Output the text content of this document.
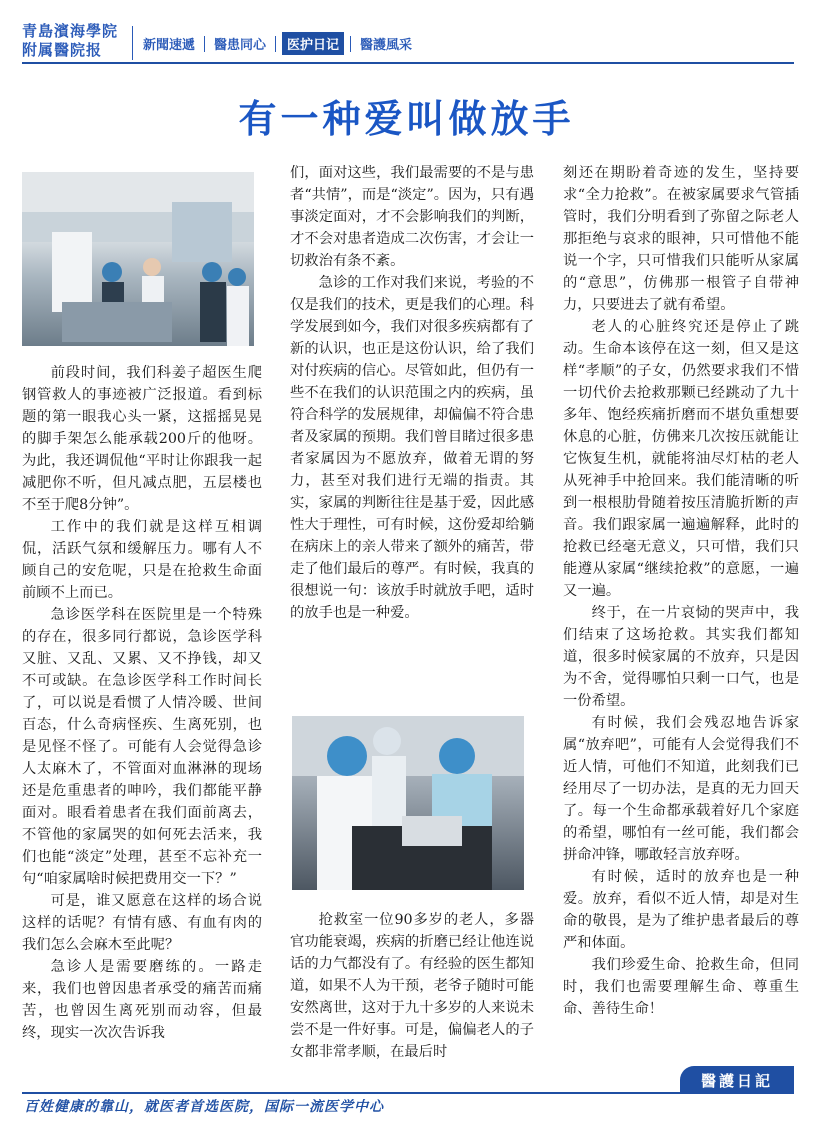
青島濱海學院
附属醫院报	新聞速遞 醫患同心	医护日记	醫護風采
有一种爱叫做放手

前段时间，我们科姜子超医生爬钢管救人的事迹被广泛报道。看到标题的第一眼我心头一紧，这摇摇晃晃的脚手架怎么能承载200斤的他呀。为此，我还调侃他“平时让你跟我一起减肥你不听，但凡减点肥，五层楼也不至于爬8分钟”。

工作中的我们就是这样互相调侃，活跃气氛和缓解压力。哪有人不顾自己的安危呢，只是在抢救生命面前顾不上而已。

急诊医学科在医院里是一个特殊的存在，很多同行都说，急诊医学科又脏、又乱、又累、又不挣钱，却又不可或缺。在急诊医学科工作时间长了，可以说是看惯了人情冷暖、世间百态，什么奇病怪疾、生离死别，也是见怪不怪了。可能有人会觉得急诊人太麻木了，不管面对血淋淋的现场还是危重患者的呻吟，我们都能平静面对。眼看着患者在我们面前离去，不管他的家属哭的如何死去活来，我们也能“淡定”处理，甚至不忘补充一句“咱家属啥时候把费用交一下？”

可是，谁又愿意在这样的场合说这样的话呢？有情有感、有血有肉的我们怎么会麻木至此呢？

急诊人是需要磨练的。一路走来，我们也曾因患者承受的痛苦而痛苦，也曾因生离死别而动容，但最终，现实一次次告诉我

们，面对这些，我们最需要的不是与患者“共情”，而是“淡定”。因为，只有遇事淡定面对，才不会影响我们的判断，才不会对患者造成二次伤害，才会让一切救治有条不紊。

急诊的工作对我们来说，考验的不仅是我们的技术，更是我们的心理。科学发展到如今，我们对很多疾病都有了新的认识，也正是这份认识，给了我们对付疾病的信心。尽管如此，但仍有一些不在我们的认识范围之内的疾病，虽符合科学的发展规律，却偏偏不符合患者及家属的预期。我们曾目睹过很多患者家属因为不愿放弃，做着无谓的努力，甚至对我们进行无端的指责。其实，家属的判断往往是基于爱，因此感性大于理性，可有时候，这份爱却给躺在病床上的亲人带来了额外的痛苦，带走了他们最后的尊严。有时候，我真的很想说一句：该放手时就放手吧，适时的放手也是一种爱。

抢救室一位90多岁的老人，多器官功能衰竭，疾病的折磨已经让他连说话的力气都没有了。有经验的医生都知道，如果不人为干预，老爷子随时可能安然离世，这对于九十多岁的人来说未尝不是一件好事。可是，偏偏老人的子女都非常孝顺，在最后时

刻还在期盼着奇迹的发生，坚持要求“全力抢救”。在被家属要求气管插管时，我们分明看到了弥留之际老人那拒绝与哀求的眼神，只可惜他不能说一个字，只可惜我们只能听从家属的“意思”，仿佛那一根管子自带神力，只要进去了就有希望。

老人的心脏终究还是停止了跳动。生命本该停在这一刻，但又是这样“孝顺”的子女，仍然要求我们不惜一切代价去抢救那颗已经跳动了九十多年、饱经疾痛折磨而不堪负重想要休息的心脏，仿佛来几次按压就能让它恢复生机，就能将油尽灯枯的老人从死神手中抢回来。我们能清晰的听到一根根肋骨随着按压清脆折断的声音。我们跟家属一遍遍解释，此时的抢救已经毫无意义，只可惜，我们只能遵从家属“继续抢救”的意愿，一遍又一遍。

终于，在一片哀恸的哭声中，我们结束了这场抢救。其实我们都知道，很多时候家属的不放弃，只是因为不舍，觉得哪怕只剩一口气，也是一份希望。

有时候，我们会残忍地告诉家属“放弃吧”，可能有人会觉得我们不近人情，可他们不知道，此刻我们已经用尽了一切办法，是真的无力回天了。每一个生命都承载着好几个家庭的希望，哪怕有一丝可能，我们都会拼命冲锋，哪敢轻言放弃呀。

有时候，适时的放弃也是一种爱。放弃，看似不近人情，却是对生命的敬畏，是为了维护患者最后的尊严和体面。

我们珍爱生命、抢救生命，但同时，我们也需要理解生命、尊重生命、善待生命！

醫護日記
百姓健康的靠山，就医者首选医院，国际一流医学中心
